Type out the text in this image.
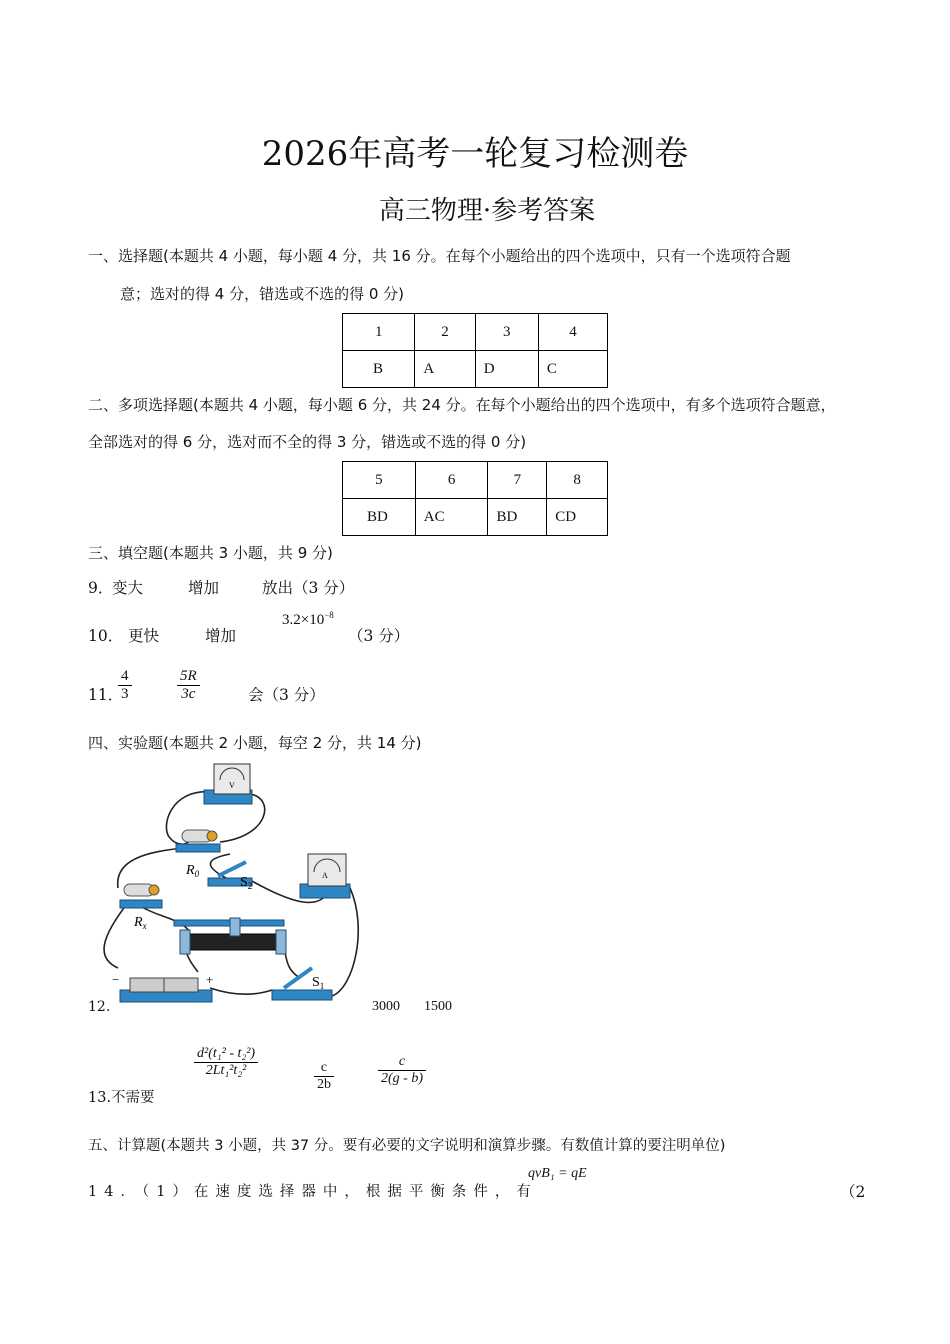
2026年高考一轮复习检测卷
高三物理·参考答案
一、选择题(本题共 4 小题，每小题 4 分，共 16 分。在每个小题给出的四个选项中，只有一个选项符合题
意；选对的得 4 分，错选或不选的得 0 分)
1	2	3	4
B	A	D	C
二、多项选择题(本题共 4 小题，每小题 6 分，共 24 分。在每个小题给出的四个选项中，有多个选项符合题意，
全部选对的得 6 分，选对而不全的得 3 分，错选或不选的得 0 分)
5	6	7	8
BD	AC	BD	CD
三、填空题(本题共 3 小题，共 9 分)
9．
变大	增加	放出（3 分）
10． 更快	增加
$3.2\times 10^{-8}$
（3 分）
11．
$\frac{4}{3}$	$\frac{5R}{3c}$	会（3 分）
四、实验题(本题共 2 小题，每空 2 分，共 14 分)
V
$R_0$
$S_2$
A
$R_x$
−	+	$S_1$
12.	3000 1500
13.不需要
$\frac{\text{d²(t₁² - t₂²)}}{\text{2Lt₁²t₂²}}$	$\frac{c}{2b}$	$\frac{c}{2(g - b)}$
五、计算题(本题共 3 小题，共 37 分。要有必要的文字说明和演算步骤。有数值计算的要注明单位)
14．（1）在速度选择器中，根据平衡条件，有
qvB₁ = qE
（2
